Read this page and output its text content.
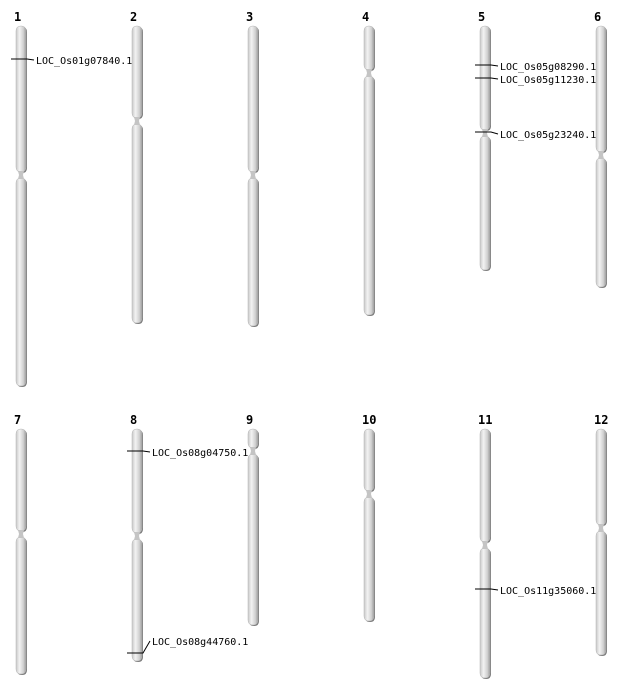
1
LOC_Os01g07840.1
2	3	4	5
LOC_Os05g08290.1
LOC_Os05g11230.1
LOC_Os05g23240.1
6
7	8
LOC_Os08g04750.1
LOC_Os08g44760.1
9	10	11
LOC_Os11g35060.1
12
